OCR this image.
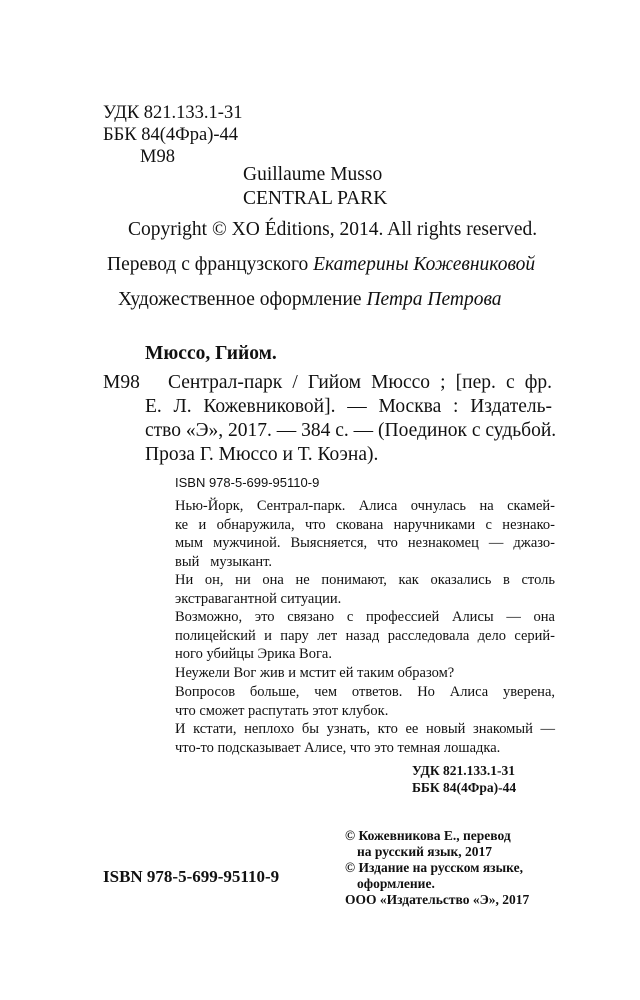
УДК 821.133.1-31
ББК 84(4Фра)-44
М98
Guillaume Musso
CENTRAL PARK
Copyright © XO Éditions, 2014. All rights reserved.
Перевод с французского Екатерины Кожевниковой
Художественное оформление Петра Петрова
Мюссо, Гийом.
М98 Сентрал-парк / Гийом Мюссо ; [пер. с фр.
Е. Л. Кожевниковой]. — Москва : Издатель-
ство «Э», 2017. — 384 с. — (Поединок с судьбой.
Проза Г. Мюссо и Т. Коэна).
ISBN 978-5-699-95110-9
Нью-Йорк, Сентрал-парк. Алиса очнулась на скамей-
ке и обнаружила, что скована наручниками с незнако-
мым мужчиной. Выясняется, что незнакомец — джазо-
вый   музыкант.
Ни он, ни она не понимают, как оказались в столь
экстравагантной ситуации.
Возможно, это связано с профессией Алисы — она
полицейский и пару лет назад расследовала дело серий-
ного убийцы Эрика Вога.
Неужели Вог жив и мстит ей таким образом?
Вопросов больше, чем ответов. Но Алиса уверена,
что сможет распутать этот клубок.
И кстати, неплохо бы узнать, кто ее новый знакомый —
что-то подсказывает Алисе, что это темная лошадка.
УДК 821.133.1-31
ББК 84(4Фра)-44
ISBN 978-5-699-95110-9
© Кожевникова Е., перевод
на русский язык, 2017
© Издание на русском языке,
оформление.
ООО «Издательство «Э», 2017
